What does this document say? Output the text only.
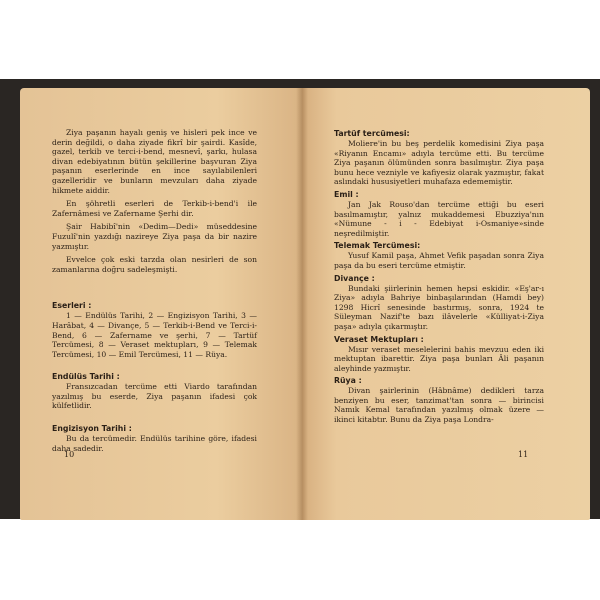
Ziya paşanın hayalı geniş ve hisleri pek ince ve derin değildi, o daha ziyade fikrî bir şairdi. Kasîde, gazel, terkib ve terci-i-bend, mesnevî, şarkı, hulasa divan edebiyatının bütün şekillerine başvuran Ziya paşanın eserlerinde en ince sayılabilenleri gazelleridir ve bunların mevzuları daha ziyade hikmete aiddir.

En şöhretli eserleri de Terkib-i-bend'i ile Zafernâmesi ve Zafername Şerhi dir.

Şair Habibî'nin «Dedim—Dedi» müseddesine Fuzulî'nin yazdığı nazireye Ziya paşa da bir nazire yazmıştır.

Evvelce çok eski tarzda olan nesirleri de son zamanlarına doğru sadeleşmişti.

Eserleri :

1 — Endülüs Tarihi, 2 — Engizisyon Tarihi, 3 — Harâbat, 4 — Divançe, 5 — Terkib-i-Bend ve Terci-i-Bend, 6 — Zafername ve şerhi, 7 — Tartüf Tercümesi, 8 — Veraset mektupları, 9 — Telemak Tercümesi, 10 — Emil Tercümesi, 11 — Rüya.

Endülüs Tarihi :

Fransızcadan tercüme etti Viardo tarafından yazılmış bu eserde, Ziya paşanın ifadesi çok külfetlidir.

Engizisyon Tarihi :

Bu da tercümedir. Endülüs tarihine göre, ifadesi daha sadedir.

10
Tartüf tercümesi:

Moliere'in bu beş perdelik komedisini Ziya paşa «Riyanın Encamı» adıyla tercüme etti. Bu tercüme Ziya paşanın ölümünden sonra basılmıştır. Ziya paşa bunu hece vezniyle ve kafiyesiz olarak yazmıştır, fakat aslındaki hususiyetleri muhafaza edememiştir.

Emil :

Jan Jak Rouso'dan tercüme ettiği bu eseri basılmamıştır, yalnız mukaddemesi Ebuzziya'nın «Nümune - i - Edebiyat i-Osmaniye»sinde neşredilmiştir.

Telemak Tercümesi:

Yusuf Kamil paşa, Ahmet Vefik paşadan sonra Ziya paşa da bu eseri tercüme etmiştir.

Divançe :

Bundaki şiirlerinin hemen hepsi eskidir. «Eş'ar-ı Ziya» adıyla Bahriye binbaşılarından (Hamdi bey) 1298 Hicrî senesinde bastırmış, sonra, 1924 te Süleyman Nazif'te bazı ilâvelerle «Külliyat-i-Ziya paşa» adıyla çıkarmıştır.

Veraset Mektupları :

Mısır veraset meselelerini bahis mevzuu eden iki mektuptan ibarettir. Ziya paşa bunları Âli paşanın aleyhinde yazmıştır.

Rüya :

Divan şairlerinin (Hâbnâme) dedikleri tarza benziyen bu eser, tanzimat'tan sonra — birincisi Namık Kemal tarafından yazılmış olmak üzere — ikinci kitabtır. Bunu da Ziya paşa Londra-

11
